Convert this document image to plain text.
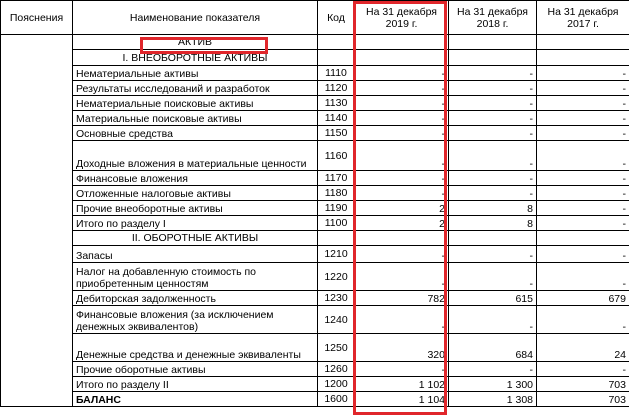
Пояснения	Наименование показателя	Код	На 31 декабря 2019 г.	На 31 декабря 2018 г.	На 31 декабря 2017 г.
	АКТИВ				
	I. ВНЕОБОРОТНЫЕ АКТИВЫ				
	Нематериальные активы	1110	-	-	-
	Результаты исследований и разработок	1120	-	-	-
	Нематериальные поисковые активы	1130	-	-	-
	Материальные поисковые активы	1140	-	-	-
	Основные средства	1150	-	-	-
	Доходные вложения в материальные ценности	1160	-	-	-
	Финансовые вложения	1170	-	-	-
	Отложенные налоговые активы	1180	-	-	-
	Прочие внеоборотные активы	1190	2	8	-
	Итого по разделу I	1100	2	8	-
	II. ОБОРОТНЫЕ АКТИВЫ				
	Запасы	1210	-	-	-
	Налог на добавленную стоимость по приобретенным ценностям	1220	-	-	-
	Дебиторская задолженность	1230	782	615	679
	Финансовые вложения (за исключением денежных эквивалентов)	1240	-	-	-
	Денежные средства и денежные эквиваленты	1250	320	684	24
	Прочие оборотные активы	1260	-	-	-
	Итого по разделу II	1200	1 102	1 300	703
	БАЛАНС	1600	1 104	1 308	703
